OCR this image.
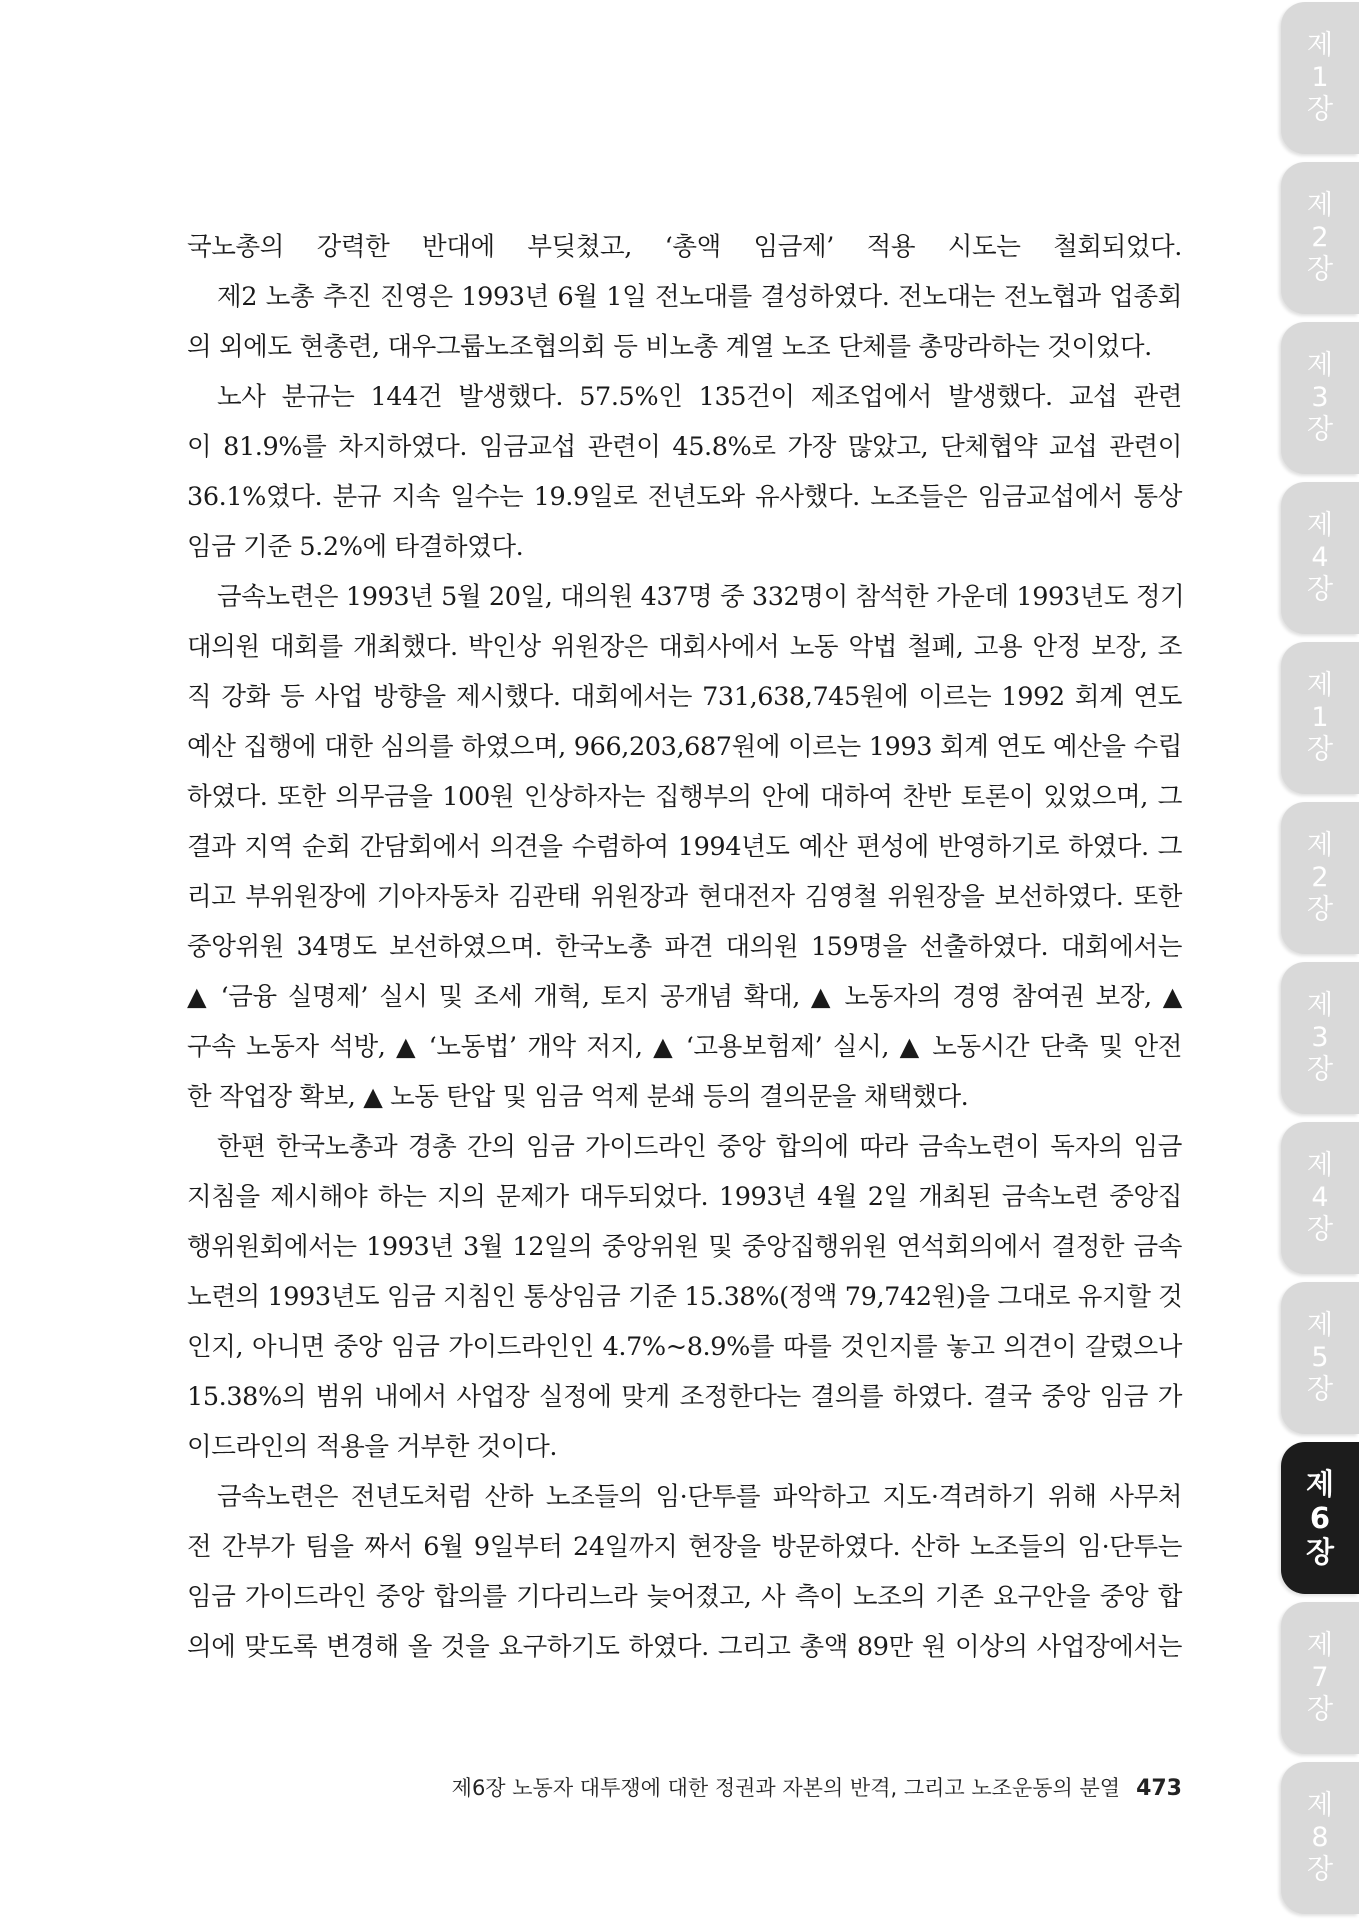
국노총의 강력한 반대에 부딪쳤고, ‘총액 임금제’ 적용 시도는 철회되었다.
제2 노총 추진 진영은 1993년 6월 1일 전노대를 결성하였다. 전노대는 전노협과 업종회
의 외에도 현총련, 대우그룹노조협의회 등 비노총 계열 노조 단체를 총망라하는 것이었다.
노사 분규는 144건 발생했다. 57.5%인 135건이 제조업에서 발생했다. 교섭 관련
이 81.9%를 차지하였다. 임금교섭 관련이 45.8%로 가장 많았고, 단체협약 교섭 관련이
36.1%였다. 분규 지속 일수는 19.9일로 전년도와 유사했다. 노조들은 임금교섭에서 통상
임금 기준 5.2%에 타결하였다.
금속노련은 1993년 5월 20일, 대의원 437명 중 332명이 참석한 가운데 1993년도 정기
대의원 대회를 개최했다. 박인상 위원장은 대회사에서 노동 악법 철폐, 고용 안정 보장, 조
직 강화 등 사업 방향을 제시했다. 대회에서는 731,638,745원에 이르는 1992 회계 연도
예산 집행에 대한 심의를 하였으며, 966,203,687원에 이르는 1993 회계 연도 예산을 수립
하였다. 또한 의무금을 100원 인상하자는 집행부의 안에 대하여 찬반 토론이 있었으며, 그
결과 지역 순회 간담회에서 의견을 수렴하여 1994년도 예산 편성에 반영하기로 하였다. 그
리고 부위원장에 기아자동차 김관태 위원장과 현대전자 김영철 위원장을 보선하였다. 또한
중앙위원 34명도 보선하였으며. 한국노총 파견 대의원 159명을 선출하였다. 대회에서는
▲ ‘금융 실명제’ 실시 및 조세 개혁, 토지 공개념 확대, ▲ 노동자의 경영 참여권 보장, ▲
구속 노동자 석방, ▲ ‘노동법’ 개악 저지, ▲ ‘고용보험제’ 실시, ▲ 노동시간 단축 및 안전
한 작업장 확보, ▲ 노동 탄압 및 임금 억제 분쇄 등의 결의문을 채택했다.
한편 한국노총과 경총 간의 임금 가이드라인 중앙 합의에 따라 금속노련이 독자의 임금
지침을 제시해야 하는 지의 문제가 대두되었다. 1993년 4월 2일 개최된 금속노련 중앙집
행위원회에서는 1993년 3월 12일의 중앙위원 및 중앙집행위원 연석회의에서 결정한 금속
노련의 1993년도 임금 지침인 통상임금 기준 15.38%(정액 79,742원)을 그대로 유지할 것
인지, 아니면 중앙 임금 가이드라인인 4.7%~8.9%를 따를 것인지를 놓고 의견이 갈렸으나
15.38%의 범위 내에서 사업장 실정에 맞게 조정한다는 결의를 하였다. 결국 중앙 임금 가
이드라인의 적용을 거부한 것이다.
금속노련은 전년도처럼 산하 노조들의 임·단투를 파악하고 지도·격려하기 위해 사무처
전 간부가 팀을 짜서 6월 9일부터 24일까지 현장을 방문하였다. 산하 노조들의 임·단투는
임금 가이드라인 중앙 합의를 기다리느라 늦어졌고, 사 측이 노조의 기존 요구안을 중앙 합
의에 맞도록 변경해 올 것을 요구하기도 하였다. 그리고 총액 89만 원 이상의 사업장에서는
제6장 노동자 대투쟁에 대한 정권과 자본의 반격, 그리고 노조운동의 분열 473
제
1
장
제
2
장
제
3
장
제
4
장
제
1
장
제
2
장
제
3
장
제
4
장
제
5
장
제
6
장
제
7
장
제
8
장
